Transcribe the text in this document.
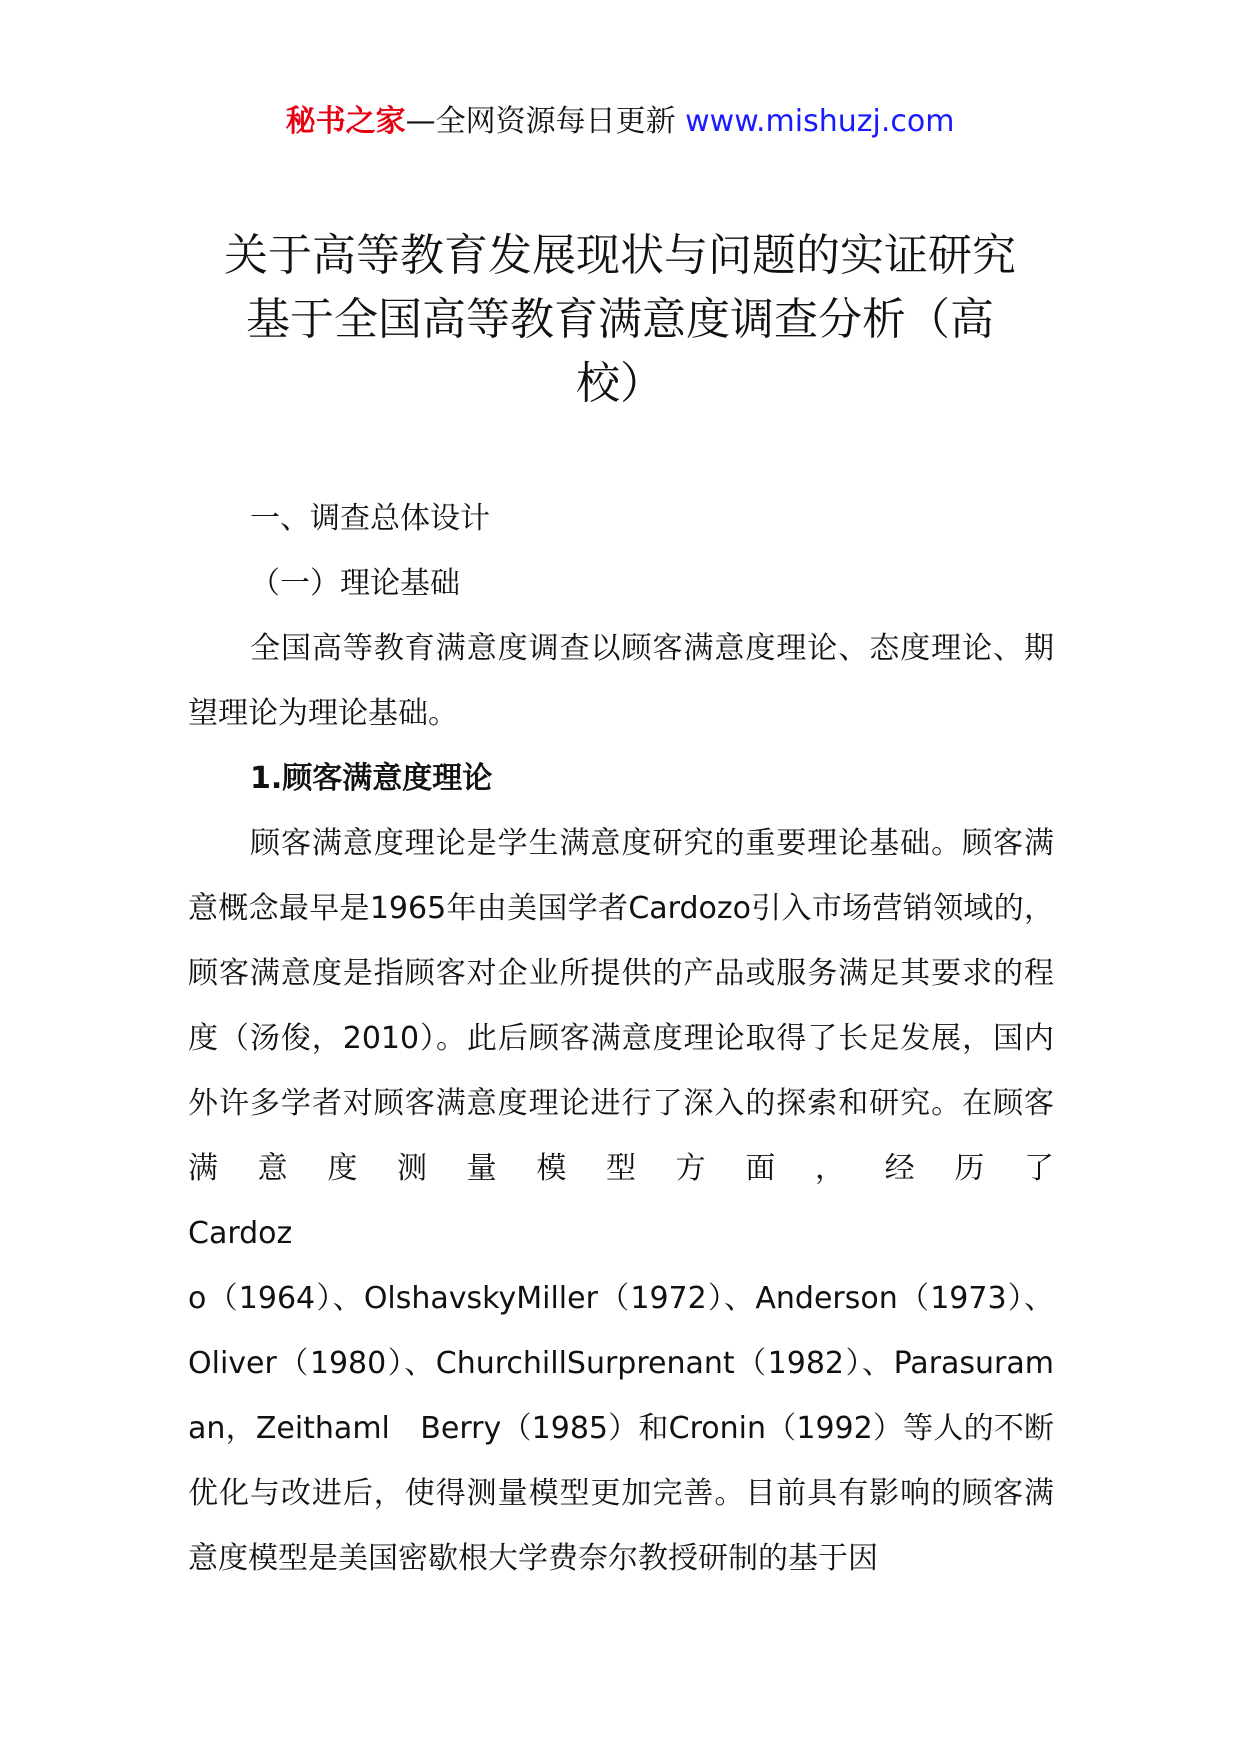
秘书之家—全网资源每日更新 www.mishuzj.com
关于高等教育发展现状与问题的实证研究
基于全国高等教育满意度调查分析（高
校）

一、调查总体设计

（一）理论基础

全国高等教育满意度调查以顾客满意度理论、态度理论、期望理论为理论基础。

1.顾客满意度理论

顾客满意度理论是学生满意度研究的重要理论基础。顾客满意概念最早是1965年由美国学者Cardozo引入市场营销领域的，顾客满意度是指顾客对企业所提供的产品或服务满足其要求的程度（汤俊，2010）。此后顾客满意度理论取得了长足发展，国内外许多学者对顾客满意度理论进行了深入的探索和研究。在顾客满意度测量模型方面，经历了

Cardoz

o（1964）、OlshavskyMiller（1972）、Anderson（1973）、Oliver（1980）、ChurchillSurprenant（1982）、Parasuraman，Zeithaml　Berry（1985）和Cronin（1992）等人的不断优化与改进后，使得测量模型更加完善。目前具有影响的顾客满意度模型是美国密歇根大学费奈尔教授研制的基于因
